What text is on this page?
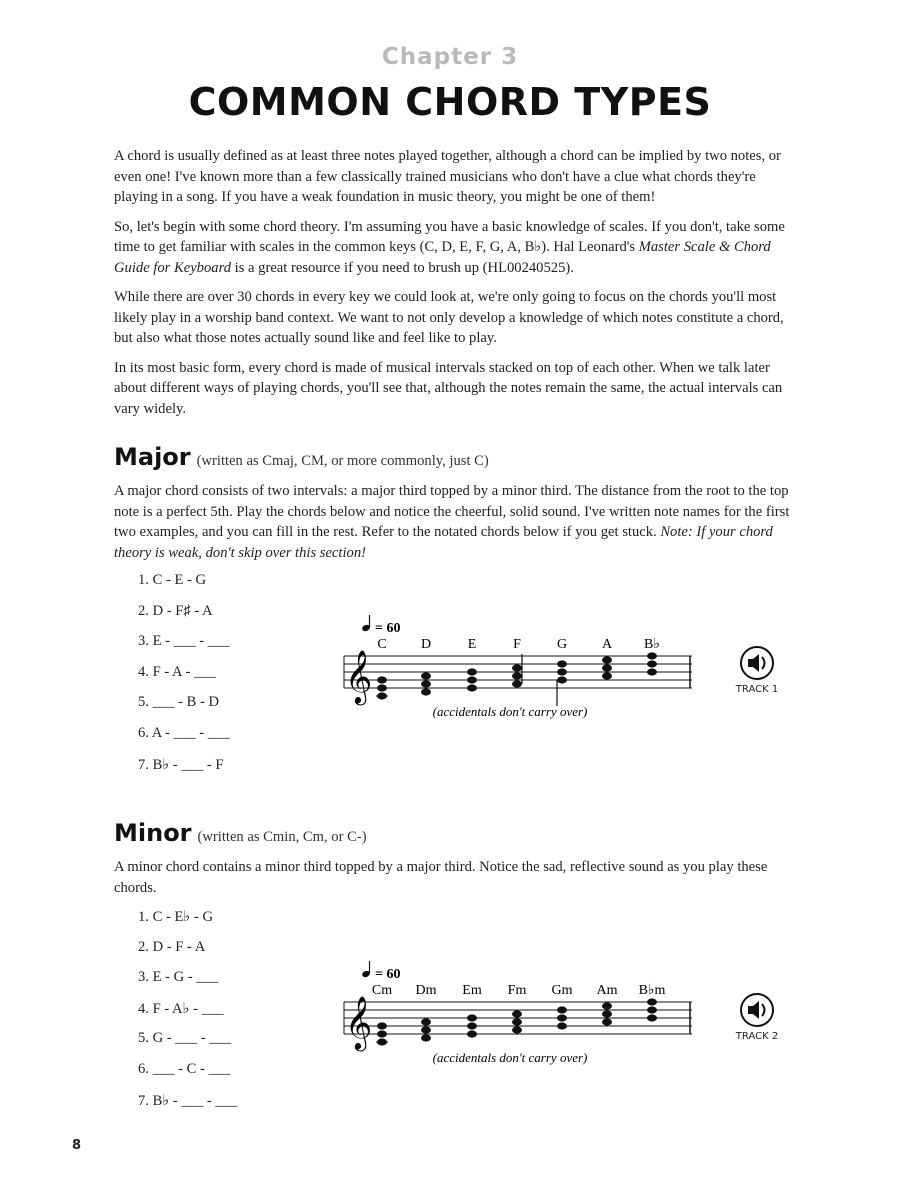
Chapter 3
COMMON CHORD TYPES

A chord is usually defined as at least three notes played together, although a chord can be implied by two notes, or even one! I've known more than a few classically trained musicians who don't have a clue what chords they're playing in a song. If you have a weak foundation in music theory, you might be one of them!

So, let's begin with some chord theory. I'm assuming you have a basic knowledge of scales. If you don't, take some time to get familiar with scales in the common keys (C, D, E, F, G, A, B♭). Hal Leonard's Master Scale & Chord Guide for Keyboard is a great resource if you need to brush up (HL00240525).

While there are over 30 chords in every key we could look at, we're only going to focus on the chords you'll most likely play in a worship band context. We want to not only develop a knowledge of which notes constitute a chord, but also what those notes actually sound like and feel like to play.

In its most basic form, every chord is made of musical intervals stacked on top of each other. When we talk later about different ways of playing chords, you'll see that, although the notes remain the same, the actual intervals can vary widely.

Major (written as Cmaj, CM, or more commonly, just C)

A major chord consists of two intervals: a major third topped by a minor third. The distance from the root to the top note is a perfect 5th. Play the chords below and notice the cheerful, solid sound. I've written note names for the first two examples, and you can fill in the rest. Refer to the notated chords below if you get stuck. Note: If your chord theory is weak, don't skip over this section!

1. C - E - G
2. D - F♯ - A
3. E - ___ - ___
4. F - A - ___
5. ___ - B - D
6. A - ___ - ___
7. B♭ - ___ - F
= 60
C D	E	F	G A B♭
𝄞
(accidentals don't carry over)
TRACK 1
Minor (written as Cmin, Cm, or C-)

A minor chord contains a minor third topped by a major third. Notice the sad, reflective sound as you play these chords.

1. C - E♭ - G
2. D - F - A
3. E - G - ___
4. F - A♭ - ___
5. G - ___ - ___
6. ___ - C - ___
7. B♭ - ___ - ___
= 60
Cm Dm Em Fm Gm Am B♭m
𝄞
(accidentals don't carry over)
TRACK 2
8
